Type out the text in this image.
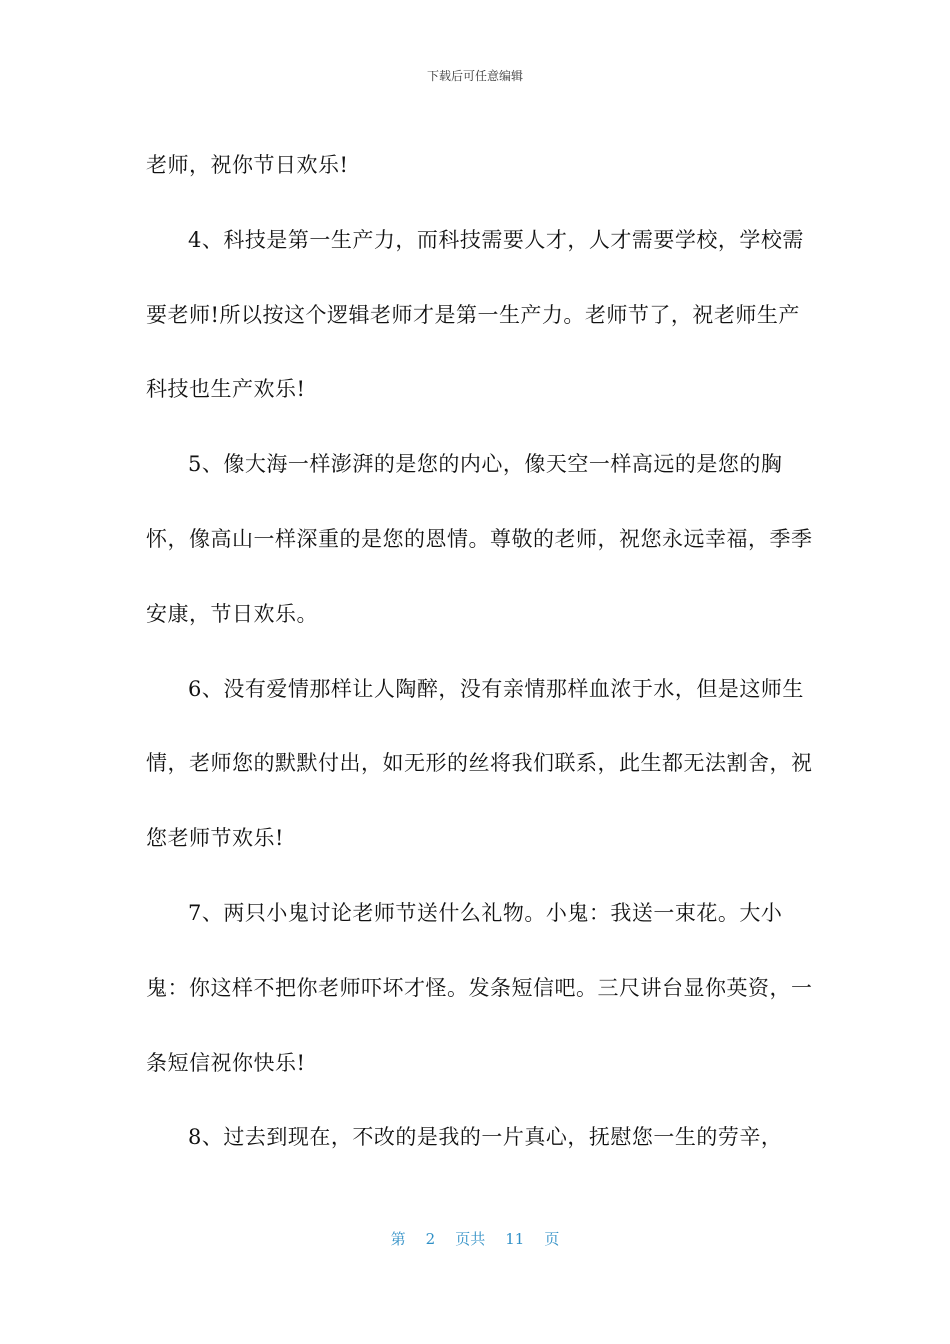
下载后可任意编辑

老师，祝你节日欢乐!

4、科技是第一生产力，而科技需要人才，人才需要学校，学校需要老师!所以按这个逻辑老师才是第一生产力。老师节了，祝老师生产科技也生产欢乐!

5、像大海一样澎湃的是您的内心，像天空一样高远的是您的胸怀，像高山一样深重的是您的恩情。尊敬的老师，祝您永远幸福，季季安康，节日欢乐。

6、没有爱情那样让人陶醉，没有亲情那样血浓于水，但是这师生情，老师您的默默付出，如无形的丝将我们联系，此生都无法割舍，祝您老师节欢乐!

7、两只小鬼讨论老师节送什么礼物。小鬼：我送一束花。大小鬼：你这样不把你老师吓坏才怪。发条短信吧。三尺讲台显你英资，一条短信祝你快乐!

8、过去到现在，不改的是我的一片真心，抚慰您一生的劳辛，

第 2 页共 11 页
